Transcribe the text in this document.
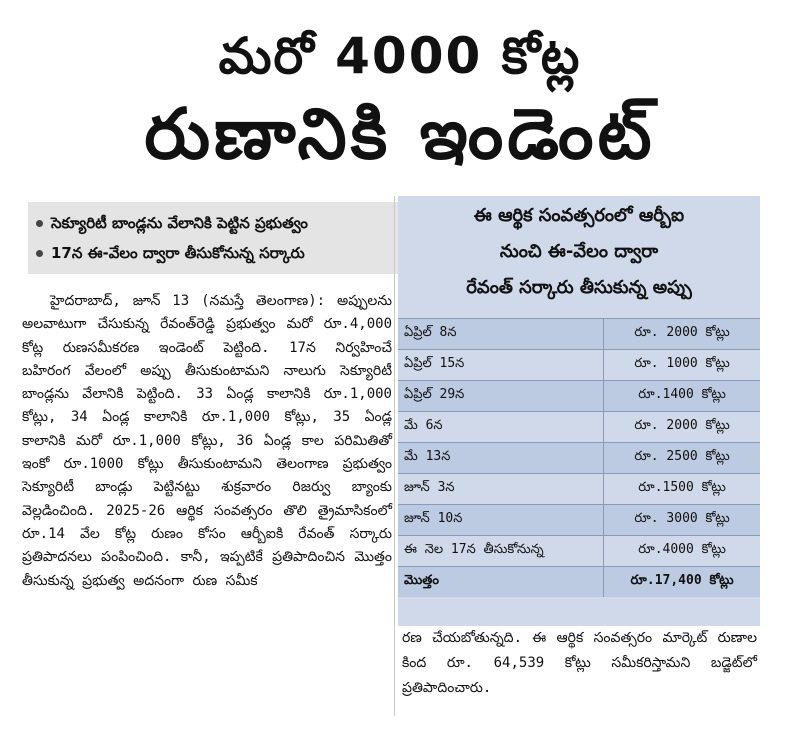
మరో 4000 కోట్ల
రుణానికి ఇండెంట్
సెక్యూరిటీ బాండ్లను వేలానికి పెట్టిన ప్రభుత్వం
17న ఈ-వేలం ద్వారా తీసుకోనున్న సర్కారు

హైదరాబాద్, జూన్ 13 (నమస్తే తెలంగాణ): అప్పులను అలవాటుగా చేసుకున్న రేవంత్‌రెడ్డి ప్రభుత్వం మరో రూ.4,000 కోట్ల రుణసమీకరణ ఇండెంట్ పెట్టింది. 17న నిర్వహించే బహిరంగ వేలంలో అప్పు తీసుకుంటామని నాలుగు సెక్యూరిటీ బాండ్లను వేలానికి పెట్టింది. 33 ఏండ్ల కాలానికి రూ.1,000 కోట్లు, 34 ఏండ్ల కాలానికి రూ.1,000 కోట్లు, 35 ఏండ్ల కాలానికి మరో రూ.1,000 కోట్లు, 36 ఏండ్ల కాల పరిమితితో ఇంకో రూ.1000 కోట్లు తీసుకుంటామని తెలంగాణ ప్రభుత్వం సెక్యూరిటీ బాండ్లు పెట్టినట్టు శుక్రవారం రిజర్వు బ్యాంకు వెల్లడించింది. 2025-26 ఆర్థిక సంవత్సరం తొలి త్రైమాసికంలో రూ.14 వేల కోట్ల రుణం కోసం ఆర్బీఐకి రేవంత్ సర్కారు ప్రతిపాదనలు పంపించింది. కానీ, ఇప్పటికే ప్రతిపాదించిన మొత్తం తీసుకున్న ప్రభుత్వ అదనంగా రుణ సమీక

ఈ ఆర్థిక సంవత్సరంలో ఆర్బీఐ
నుంచి ఈ-వేలం ద్వారా
రేవంత్ సర్కారు తీసుకున్న అప్పు
ఏప్రిల్ 8న	రూ. 2000 కోట్లు
ఏప్రిల్ 15న	రూ. 1000 కోట్లు
ఏప్రిల్ 29న	రూ.1400 కోట్లు
మే 6న	రూ. 2000 కోట్లు
మే 13న	రూ. 2500 కోట్లు
జూన్ 3న	రూ.1500 కోట్లు
జూన్ 10న	రూ. 3000 కోట్లు
ఈ నెల 17న తీసుకోనున్న	రూ.4000 కోట్లు
మొత్తం	రూ.17,400 కోట్లు
రణ చేయబోతున్నది. ఈ ఆర్థిక సంవత్సరం మార్కెట్ రుణాల కింద రూ. 64,539 కోట్లు సమీకరిస్తామని బడ్జెట్‌లో ప్రతిపాదించారు.
